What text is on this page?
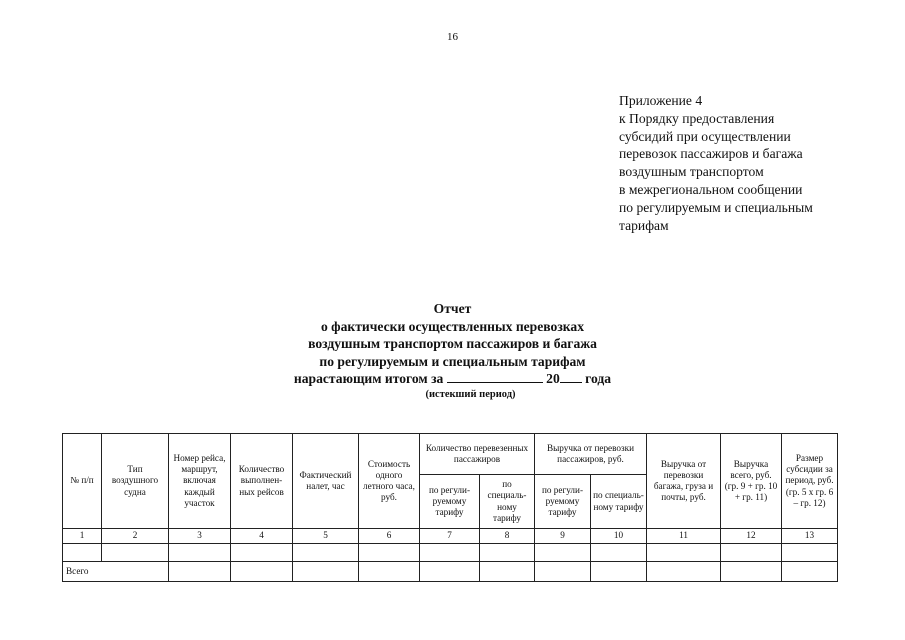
16
Приложение 4
к Порядку предоставления
субсидий при осуществлении
перевозок пассажиров и багажа
воздушным транспортом
в межрегиональном сообщении
по регулируемым и специальным
тарифам
Отчет
о фактически осуществленных перевозках
воздушным транспортом пассажиров и багажа
по регулируемым и специальным тарифам
нарастающим итогом за	20 года
(истекший период)
№ п/п	Тип воздушного судна	Номер рейса, маршрут, включая каждый участок	Количество выполнен-ных рейсов	Фактический налет, час	Стоимость одного летного часа, руб.	Количество перевезенных пассажиров		Выручка от перевозки пассажиров, руб.		Выручка от перевозки багажа, груза и почты, руб.	Выручка всего, руб. (гр. 9 + гр. 10 + гр. 11)	Размер субсидии за период, руб. (гр. 5 х гр. 6 – гр. 12)
						по регули-руемому тарифу	по специаль-ному тарифу	по регули-руемому тарифу	по специаль-ному тарифу			
1	2	3	4	5	6	7	8	9	10	11	12	13

Всего												
